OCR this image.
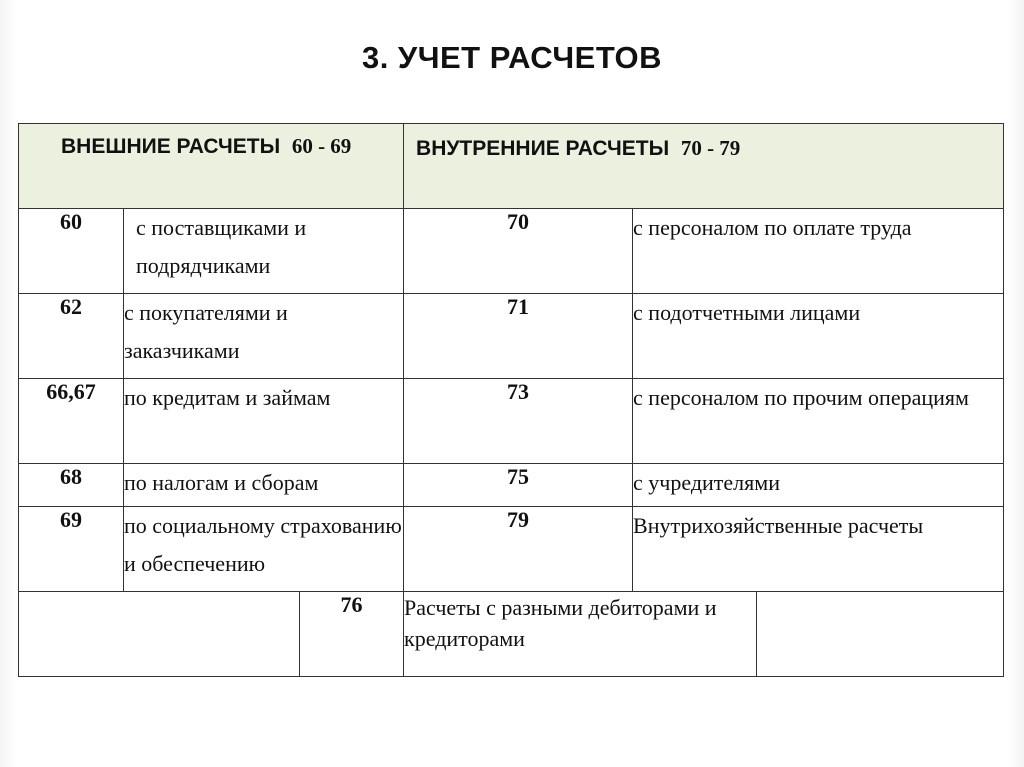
3. УЧЕТ РАСЧЕТОВ
ВНЕШНИЕ РАСЧЕТЫ 60 - 69			ВНУТРЕННИЕ РАСЧЕТЫ 70 - 79		

60	с поставщиками и подрядчиками		70	с персоналом по оплате труда	
62	с покупателями и заказчиками		71	с подотчетными лицами	
66,67	по кредитам и займам		73	с персоналом по прочим операциям	
68	по налогам и сборам		75	с учредителями	
69	по социальному страхованию и обеспечению		79	Внутрихозяйственные расчеты	
		76	Расчеты с разными дебиторами и кредиторами		
